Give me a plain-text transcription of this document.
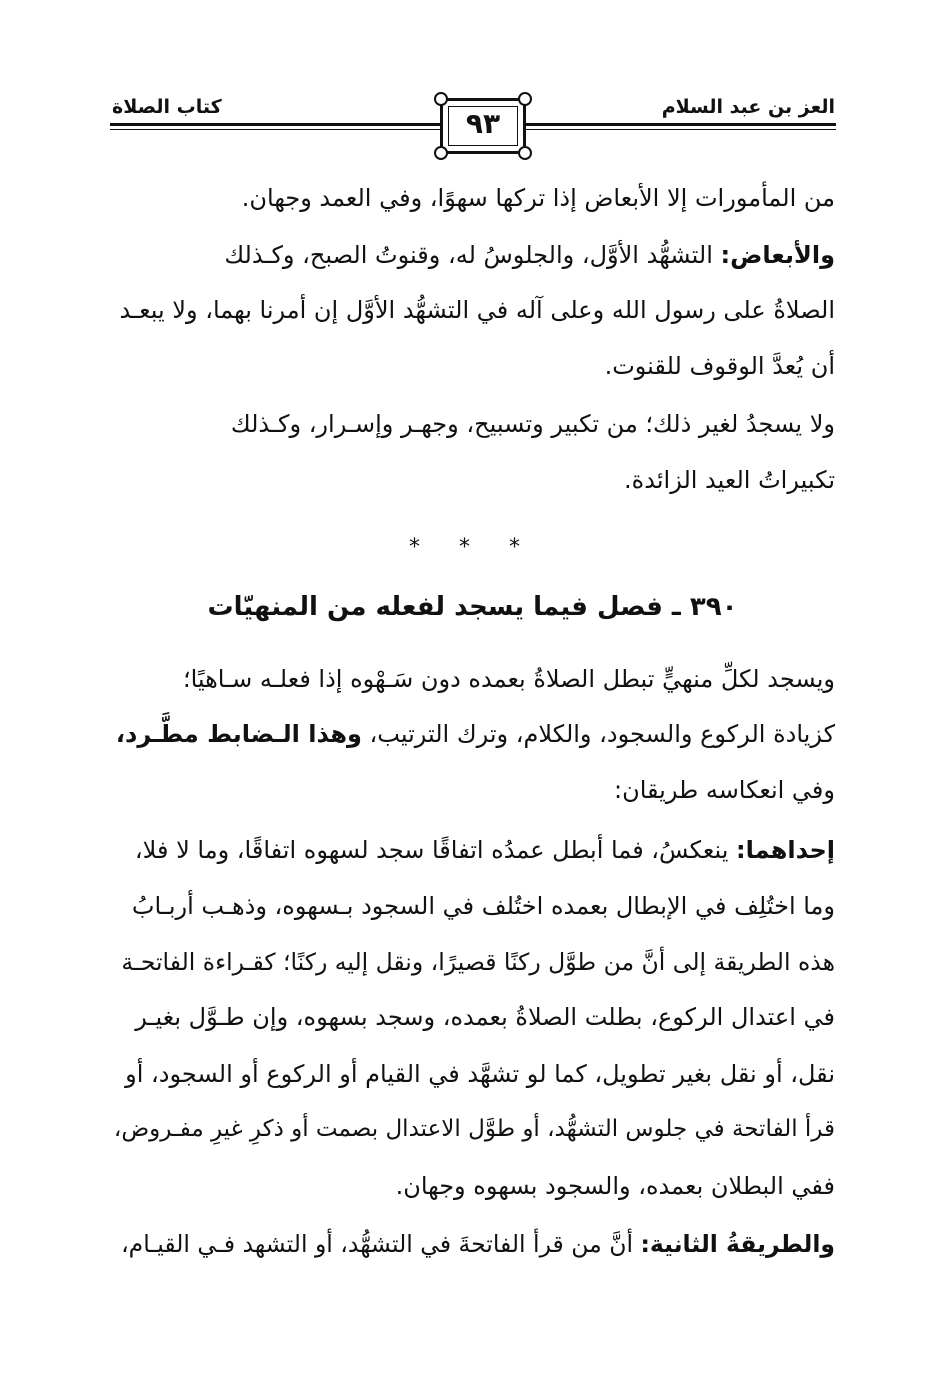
العز بن عبد السلام
كتاب الصلاة	٩٣
من المأمورات إلا الأبعاض إذا تركها سهوًا، وفي العمد وجهان.
والأبعاض: التشهُّد الأوَّل، والجلوسُ له، وقنوتُ الصبح، وكـذلك
الصلاةُ على رسول الله وعلى آله في التشهُّد الأوَّل إن أمرنا بهما، ولا يبعـد
أن يُعدَّ الوقوف للقنوت.
ولا يسجدُ لغير ذلك؛ من تكبير وتسبيح، وجهـر وإسـرار، وكـذلك
تكبيراتُ العيد الزائدة.
* * *
٣٩٠ ـ فصل فيما يسجد لفعله من المنهيّات
ويسجد لكلِّ منهيٍّ تبطل الصلاةُ بعمده دون سَـهْوه إذا فعلـه سـاهيًا؛
كزيادة الركوع والسجود، والكلام، وترك الترتيب، وهذا الـضابط مطَّـرد،
وفي انعكاسه طريقان:
إحداهما: ينعكسُ، فما أبطل عمدُه اتفاقًا سجد لسهوه اتفاقًا، وما لا فلا،
وما اختُلِف في الإبطال بعمده اختُلف في السجود بـسهوه، وذهـب أربـابُ
هذه الطريقة إلى أنَّ من طوَّل ركنًا قصيرًا، ونقل إليه ركنًا؛ كقـراءة الفاتحـة
في اعتدال الركوع، بطلت الصلاةُ بعمده، وسجد بسهوه، وإن طـوَّل بغيـر
نقل، أو نقل بغير تطويل، كما لو تشهَّد في القيام أو الركوع أو السجود، أو
قرأ الفاتحة في جلوس التشهُّد، أو طوَّل الاعتدال بصمت أو ذكرِ غيرِ مفـروض،
ففي البطلان بعمده، والسجود بسهوه وجهان.
والطريقةُ الثانية: أنَّ من قرأ الفاتحةَ في التشهُّد، أو التشهد فـي القيـام،
